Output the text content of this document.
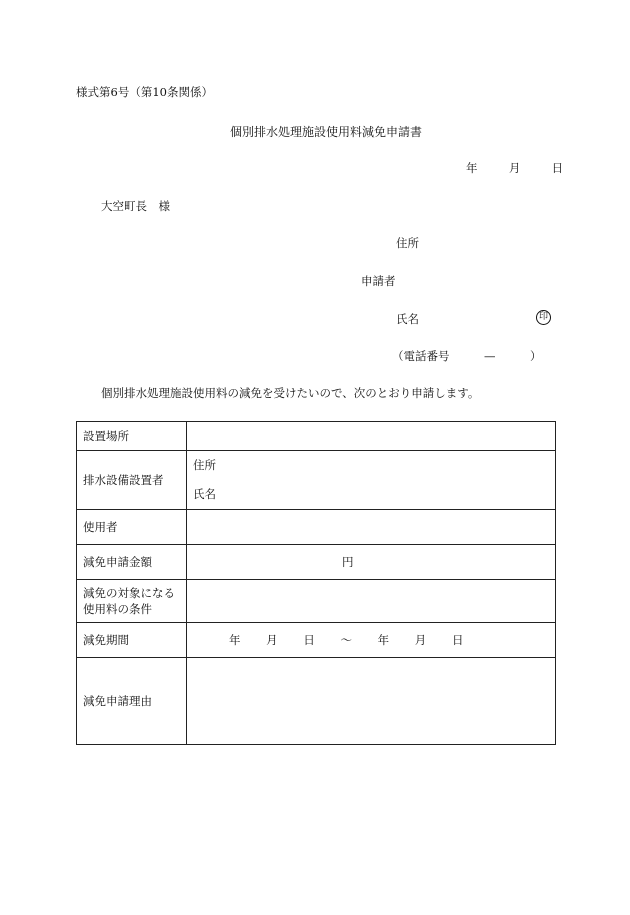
様式第6号（第10条関係）
個別排水処理施設使用料減免申請書
年	月	日
大空町長　様
住所
申請者
氏名	印
（電話番号　　　—　　　）
個別排水処理施設使用料の減免を受けたいので、次のとおり申請します。
設置場所	
排水設備設置者	住所
氏名

使用者	
減免申請金額	円

減免の対象になる
使用料の条件	

減免期間	年 月 日 ～ 年 月 日
減免申請理由	
